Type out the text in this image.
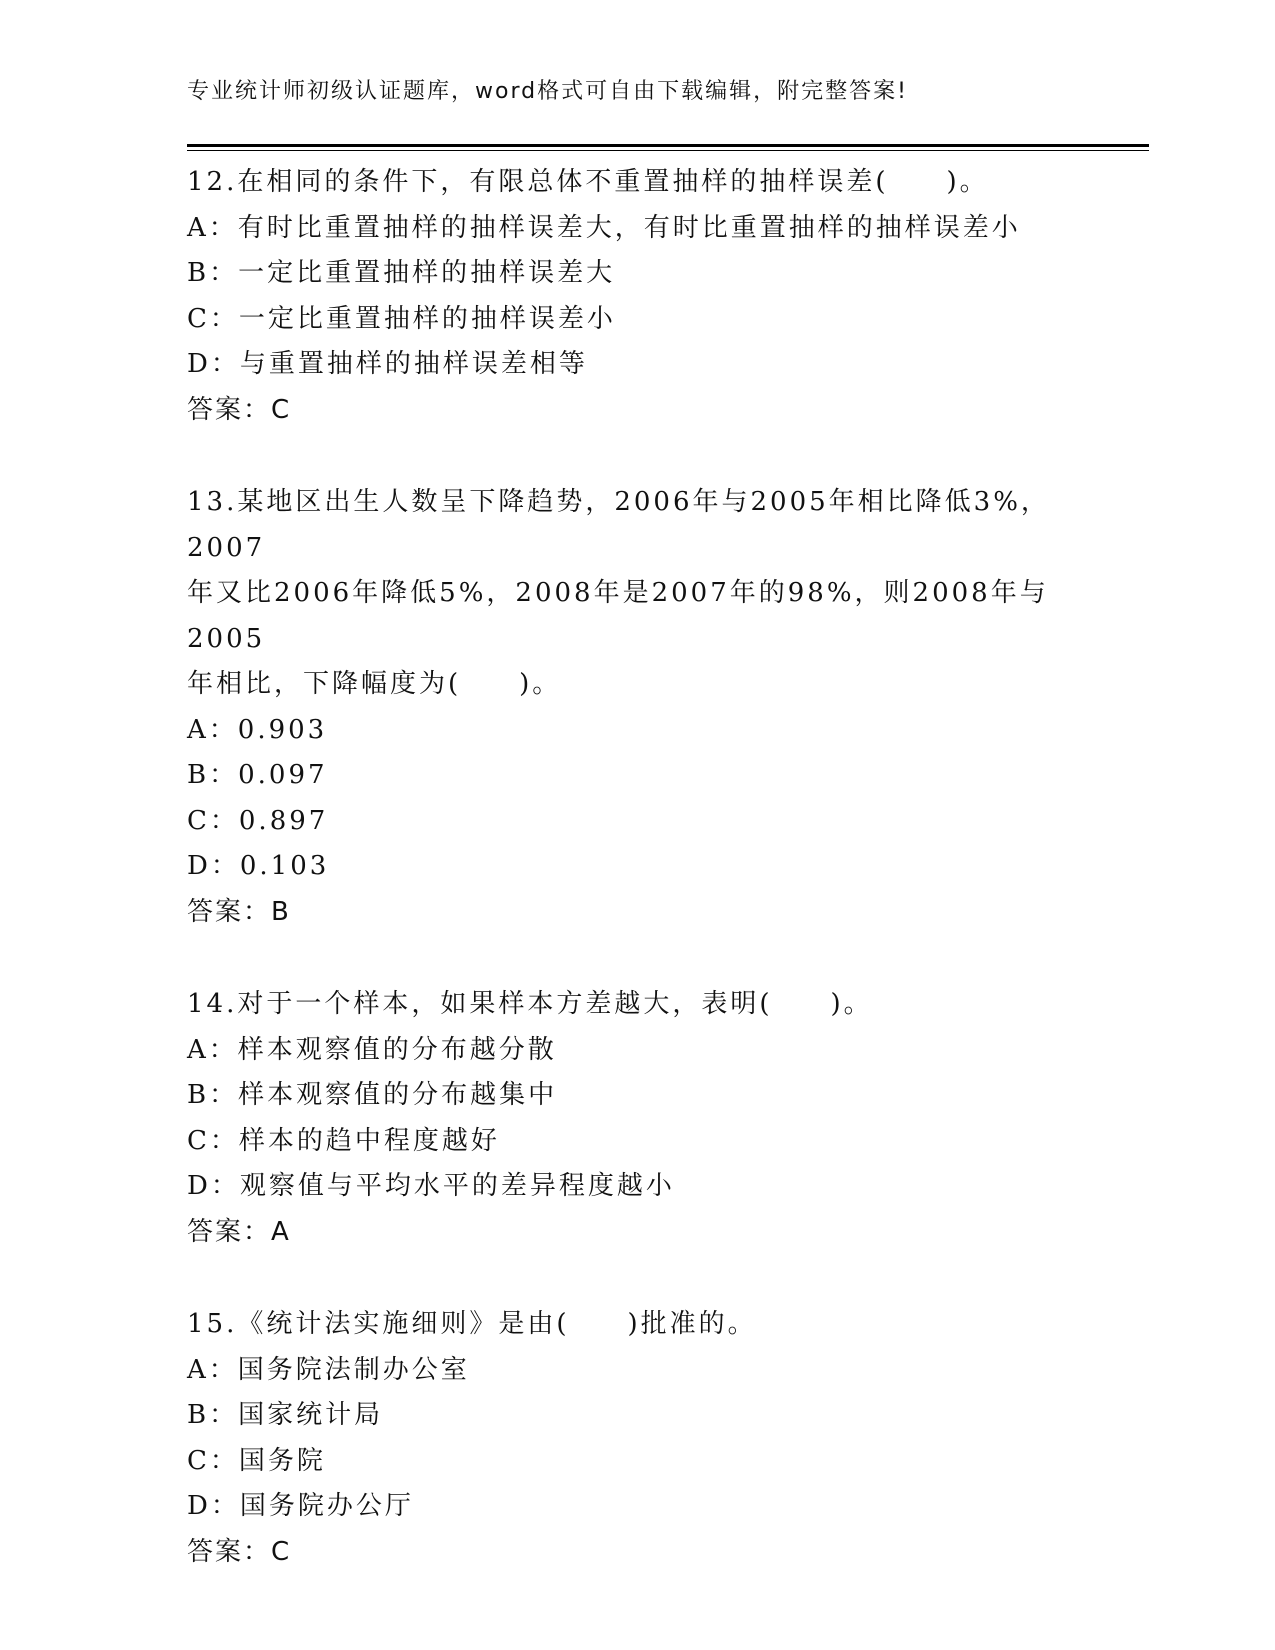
专业统计师初级认证题库，word格式可自由下载编辑，附完整答案!
12.在相同的条件下，有限总体不重置抽样的抽样误差(　　)。
A：有时比重置抽样的抽样误差大，有时比重置抽样的抽样误差小
B：一定比重置抽样的抽样误差大
C：一定比重置抽样的抽样误差小
D：与重置抽样的抽样误差相等
答案：C
13.某地区出生人数呈下降趋势，2006年与2005年相比降低3%，2007
年又比2006年降低5%，2008年是2007年的98%，则2008年与2005
年相比，下降幅度为(　　)。
A：0.903
B：0.097
C：0.897
D：0.103
答案：B
14.对于一个样本，如果样本方差越大，表明(　　)。
A：样本观察值的分布越分散
B：样本观察值的分布越集中
C：样本的趋中程度越好
D：观察值与平均水平的差异程度越小
答案：A
15.《统计法实施细则》是由(　　)批准的。
A：国务院法制办公室
B：国家统计局
C：国务院
D：国务院办公厅
答案：C
